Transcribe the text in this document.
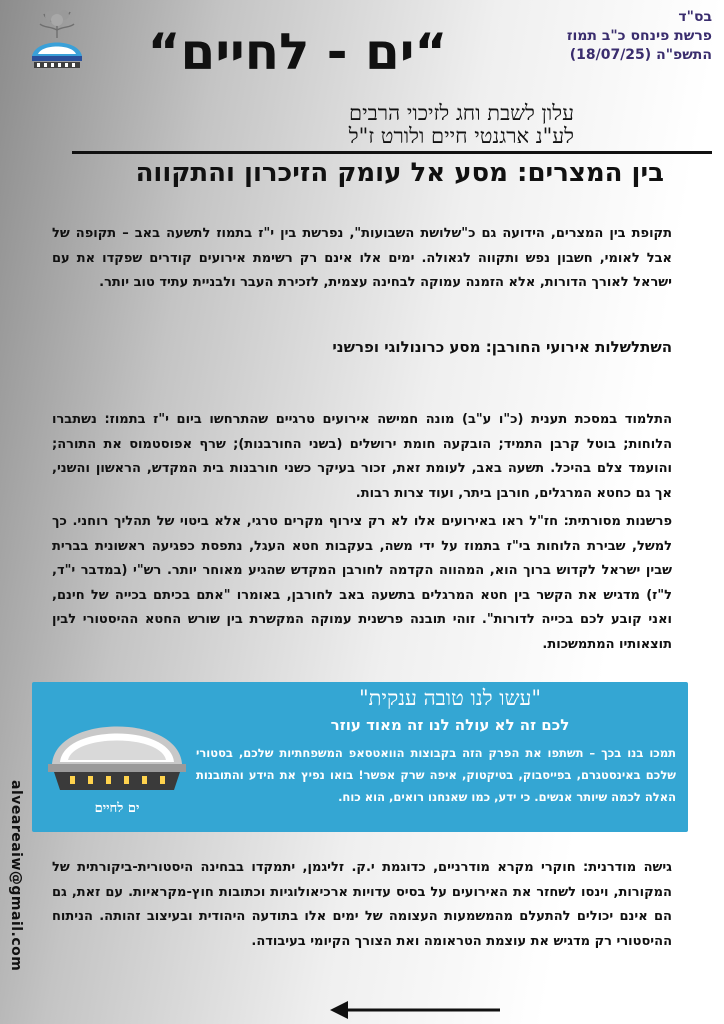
“ים - לחיים“
בס"ד
פרשת פינחס כ"ב תמוז
התשפ"ה (18/07/25)
עלון לשבת וחג לזיכוי הרבים
לע"נ ארגנטי חיים ולורט ז"ל
בין המצרים: מסע אל עומק הזיכרון והתקווה
תקופת בין המצרים, הידועה גם כ"שלושת השבועות", נפרשת בין י"ז בתמוז לתשעה באב – תקופה של אבל לאומי, חשבון נפש ותקווה לגאולה. ימים אלו אינם רק רשימת אירועים קודרים שפקדו את עם ישראל לאורך הדורות, אלא הזמנה עמוקה לבחינה עצמית, לזכירת העבר ולבניית עתיד טוב יותר.
השתלשלות אירועי החורבן: מסע כרונולוגי ופרשני
התלמוד במסכת תענית (כ"ו ע"ב) מונה חמישה אירועים טרגיים שהתרחשו ביום י"ז בתמוז: נשתברו הלוחות; בוטל קרבן התמיד; הובקעה חומת ירושלים (בשני החורבנות); שרף אפוסטמוס את התורה; והועמד צלם בהיכל. תשעה באב, לעומת זאת, זכור בעיקר כשני חורבנות בית המקדש, הראשון והשני, אך גם כחטא המרגלים, חורבן ביתר, ועוד צרות רבות.
פרשנות מסורתית: חז"ל ראו באירועים אלו לא רק צירוף מקרים טרגי, אלא ביטוי של תהליך רוחני. כך למשל, שבירת הלוחות בי"ז בתמוז על ידי משה, בעקבות חטא העגל, נתפסת כפגיעה ראשונית בברית שבין ישראל לקדוש ברוך הוא, המהווה הקדמה לחורבן המקדש שהגיע מאוחר יותר. רש"י (במדבר י"ד, ל"ז) מדגיש את הקשר בין חטא המרגלים בתשעה באב לחורבן, באומרו "אתם בכיתם בכייה של חינם, ואני קובע לכם בכייה לדורות". זוהי תובנה פרשנית עמוקה המקשרת בין שורש החטא ההיסטורי לבין תוצאותיו המתמשכות.
"עשו לנו טובה ענקית"
לכם זה לא עולה לנו זה מאוד עוזר
תמכו בנו בכך – תשתפו את הפרק הזה בקבוצות הוואטסאפ המשפחתיות שלכם, בסטורי שלכם באינסטגרם, בפייסבוק, בטיקטוק, איפה שרק אפשר! בואו נפיץ את הידע והתובנות האלה לכמה שיותר אנשים. כי ידע, כמו שאנחנו רואים, הוא כוח.
ים לחיים
גישה מודרנית: חוקרי מקרא מודרניים, כדוגמת י.ק. זליגמן, יתמקדו בבחינה היסטורית-ביקורתית של המקורות, וינסו לשחזר את האירועים על בסיס עדויות ארכיאולוגיות וכתובות חוץ-מקראיות. עם זאת, גם הם אינם יכולים להתעלם מהמשמעות העצומה של ימים אלו בתודעה היהודית ובעיצוב זהותה. הניתוח ההיסטורי רק מדגיש את עוצמת הטראומה ואת הצורך הקיומי בעיבודה.
alveareaiw@gmail.com
